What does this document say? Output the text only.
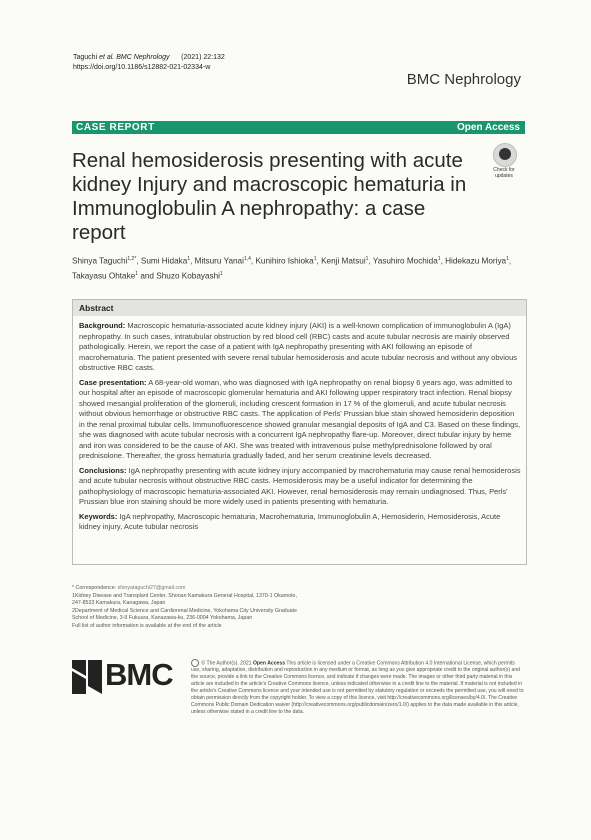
Taguchi et al. BMC Nephrology (2021) 22:132
https://doi.org/10.1186/s12882-021-02334-w
BMC Nephrology
CASE REPORT	Open Access
Renal hemosiderosis presenting with acute kidney Injury and macroscopic hematuria in Immunoglobulin A nephropathy: a case report
Check for updates
Shinya Taguchi$^{1,2*}$, Sumi Hidaka$^1$, Mitsuru Yanai$^{1,4}$, Kunihiro Ishioka$^1$, Kenji Matsui$^1$, Yasuhiro Mochida$^1$, Hidekazu Moriya$^1$, Takayasu Ohtake$^1$ and Shuzo Kobayashi$^1$
Abstract

Background: Macroscopic hematuria-associated acute kidney injury (AKI) is a well-known complication of immunoglobulin A (IgA) nephropathy. In such cases, intratubular obstruction by red blood cell (RBC) casts and acute tubular necrosis are mainly observed pathologically. Herein, we report the case of a patient with IgA nephropathy presenting with AKI following an episode of macrohematuria. The patient presented with severe renal tubular hemosiderosis and acute tubular necrosis and without any obvious obstructive RBC casts.

Case presentation: A 68-year-old woman, who was diagnosed with IgA nephropathy on renal biopsy 6 years ago, was admitted to our hospital after an episode of macroscopic glomerular hematuria and AKI following upper respiratory tract infection. Renal biopsy showed mesangial proliferation of the glomeruli, including crescent formation in 17 % of the glomeruli, and acute tubular necrosis without obvious hemorrhage or obstructive RBC casts. The application of Perls' Prussian blue stain showed hemosiderin deposition in the renal proximal tubular cells. Immunofluorescence showed granular mesangial deposits of IgA and C3. Based on these findings, she was diagnosed with acute tubular necrosis with a concurrent IgA nephropathy flare-up. Moreover, direct tubular injury by heme and iron was considered to be the cause of AKI. She was treated with intravenous pulse methylprednisolone followed by oral prednisolone. Thereafter, the gross hematuria gradually faded, and her serum creatinine levels decreased.

Conclusions: IgA nephropathy presenting with acute kidney injury accompanied by macrohematuria may cause renal hemosiderosis and acute tubular necrosis without obstructive RBC casts. Hemosiderosis may be a useful indicator for determining the pathophysiology of macroscopic hematuria-associated AKI. However, renal hemosiderosis may remain undiagnosed. Thus, Perls' Prussian blue iron staining should be more widely used in patients presenting with hematuria.

Keywords: IgA nephropathy, Macroscopic hematuria, Macrohematuria, Immunoglobulin A, Hemosiderin, Hemosiderosis, Acute kidney injury, Acute tubular necrosis

* Correspondence: shinyataguchi27@gmail.com

1Kidney Disease and Transplant Center, Shonan Kamakura General Hospital, 1370-1 Okamoto, 247-8533 Kamakura, Kanagawa, Japan

2Department of Medical Science and Cardiorenal Medicine, Yokohama City University Graduate School of Medicine, 3-9 Fukuura, Kanazawa-ku, 236-0004 Yokohama, Japan

Full list of author information is available at the end of the article

BMC	© The Author(s). 2021 Open Access This article is licensed under a Creative Commons Attribution 4.0 International License, which permits use, sharing, adaptation, distribution and reproduction in any medium or format, as long as you give appropriate credit to the original author(s) and the source, provide a link to the Creative Commons licence, and indicate if changes were made. The images or other third party material in this article are included in the article's Creative Commons licence, unless indicated otherwise in a credit line to the material. If material is not included in the article's Creative Commons licence and your intended use is not permitted by statutory regulation or exceeds the permitted use, you will need to obtain permission directly from the copyright holder. To view a copy of this licence, visit http://creativecommons.org/licenses/by/4.0/. The Creative Commons Public Domain Dedication waiver (http://creativecommons.org/publicdomain/zero/1.0/) applies to the data made available in this article, unless otherwise stated in a credit line to the data.
